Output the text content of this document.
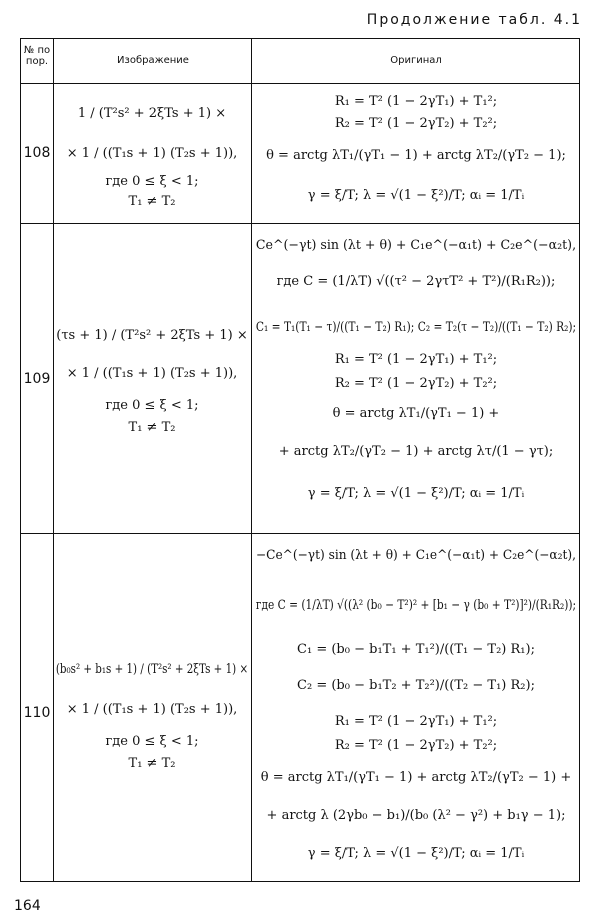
Продолжение табл. 4.1
№ по пор.	Изображение	Оригинал
108
1 / (T²s² + 2ξTs + 1) ×
× 1 / ((T₁s + 1) (T₂s + 1)),
где 0 ≤ ξ < 1;
T₁ ≠ T₂
R₁ = T² (1 − 2γT₁) + T₁²;
R₂ = T² (1 − 2γT₂) + T₂²;
θ = arctg λT₁/(γT₁ − 1) + arctg λT₂/(γT₂ − 1);
γ = ξ/T; λ = √(1 − ξ²)/T; αᵢ = 1/Tᵢ
109
(τs + 1) / (T²s² + 2ξTs + 1) ×
× 1 / ((T₁s + 1) (T₂s + 1)),
где 0 ≤ ξ < 1;
T₁ ≠ T₂
Ce^(−γt) sin (λt + θ) + C₁e^(−α₁t) + C₂e^(−α₂t),
где C = (1/λT) √((τ² − 2γτT² + T²)/(R₁R₂));
C₁ = T₁(T₁ − τ)/((T₁ − T₂) R₁); C₂ = T₂(τ − T₂)/((T₁ − T₂) R₂);
R₁ = T² (1 − 2γT₁) + T₁²;
R₂ = T² (1 − 2γT₂) + T₂²;
θ = arctg λT₁/(γT₁ − 1) +
+ arctg λT₂/(γT₂ − 1) + arctg λτ/(1 − γτ);
γ = ξ/T; λ = √(1 − ξ²)/T; αᵢ = 1/Tᵢ
110
(b₀s² + b₁s + 1) / (T²s² + 2ξTs + 1) ×
× 1 / ((T₁s + 1) (T₂s + 1)),
где 0 ≤ ξ < 1;
T₁ ≠ T₂
−Ce^(−γt) sin (λt + θ) + C₁e^(−α₁t) + C₂e^(−α₂t),
где C = (1/λT) √((λ² (b₀ − T²)² + [b₁ − γ (b₀ + T²)]²)/(R₁R₂));
C₁ = (b₀ − b₁T₁ + T₁²)/((T₁ − T₂) R₁);
C₂ = (b₀ − b₁T₂ + T₂²)/((T₂ − T₁) R₂);
R₁ = T² (1 − 2γT₁) + T₁²;
R₂ = T² (1 − 2γT₂) + T₂²;
θ = arctg λT₁/(γT₁ − 1) + arctg λT₂/(γT₂ − 1) +
+ arctg λ (2γb₀ − b₁)/(b₀ (λ² − γ²) + b₁γ − 1);
γ = ξ/T; λ = √(1 − ξ²)/T; αᵢ = 1/Tᵢ
164
